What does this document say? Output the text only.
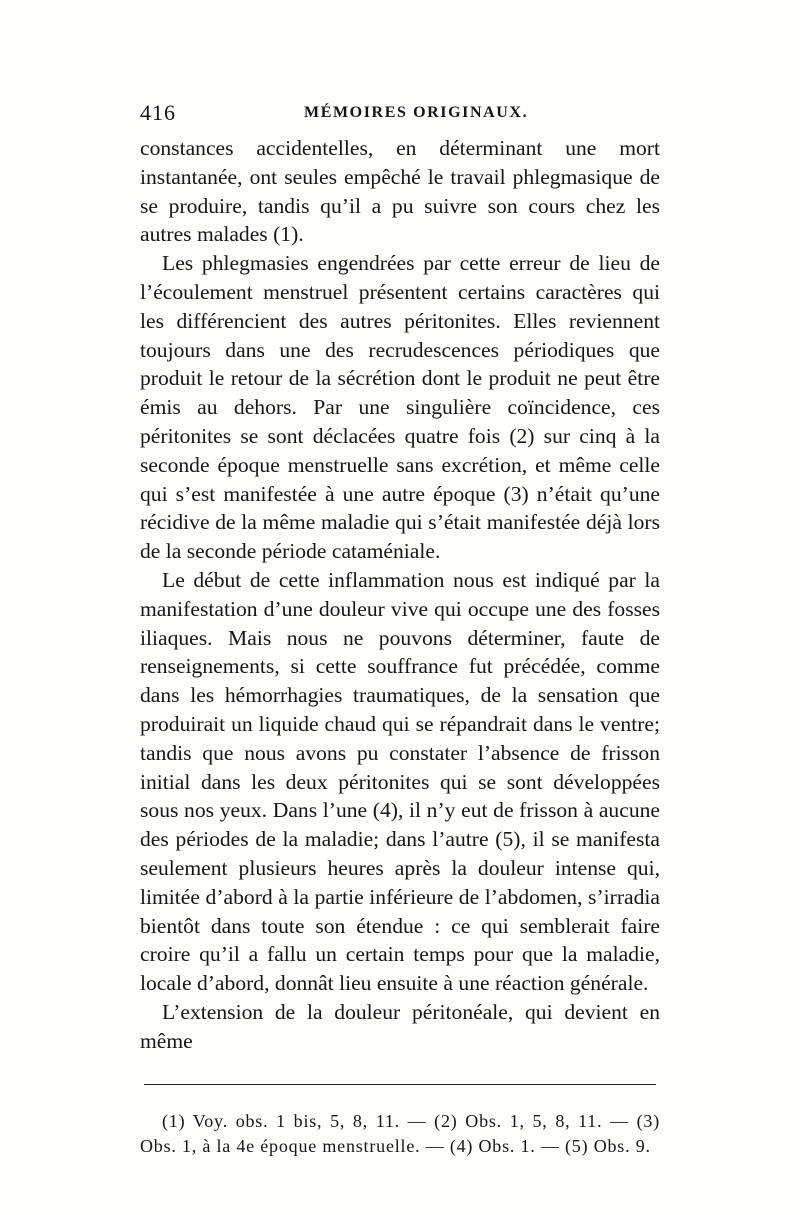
416	MÉMOIRES ORIGINAUX.

constances accidentelles, en déterminant une mort instantanée, ont seules empêché le travail phlegmasique de se produire, tandis qu’il a pu suivre son cours chez les autres malades (1).

Les phlegmasies engendrées par cette erreur de lieu de l’écoulement menstruel présentent certains caractères qui les différencient des autres péritonites. Elles reviennent toujours dans une des recrudescences périodiques que produit le retour de la sécrétion dont le produit ne peut être émis au dehors. Par une singulière coïncidence, ces péritonites se sont déclacées quatre fois (2) sur cinq à la seconde époque menstruelle sans excrétion, et même celle qui s’est manifestée à une autre époque (3) n’était qu’une récidive de la même maladie qui s’était manifestée déjà lors de la seconde période cataméniale.

Le début de cette inflammation nous est indiqué par la manifestation d’une douleur vive qui occupe une des fosses iliaques. Mais nous ne pouvons déterminer, faute de renseignements, si cette souffrance fut précédée, comme dans les hémorrhagies traumatiques, de la sensation que produirait un liquide chaud qui se répandrait dans le ventre; tandis que nous avons pu constater l’absence de frisson initial dans les deux péritonites qui se sont développées sous nos yeux. Dans l’une (4), il n’y eut de frisson à aucune des périodes de la maladie; dans l’autre (5), il se manifesta seulement plusieurs heures après la douleur intense qui, limitée d’abord à la partie inférieure de l’abdomen, s’irradia bientôt dans toute son étendue : ce qui semblerait faire croire qu’il a fallu un certain temps pour que la maladie, locale d’abord, donnât lieu ensuite à une réaction générale.

L’extension de la douleur péritonéale, qui devient en même

(1) Voy. obs. 1 bis, 5, 8, 11. — (2) Obs. 1, 5, 8, 11. — (3) Obs. 1, à la 4e époque menstruelle. — (4) Obs. 1. — (5) Obs. 9.
